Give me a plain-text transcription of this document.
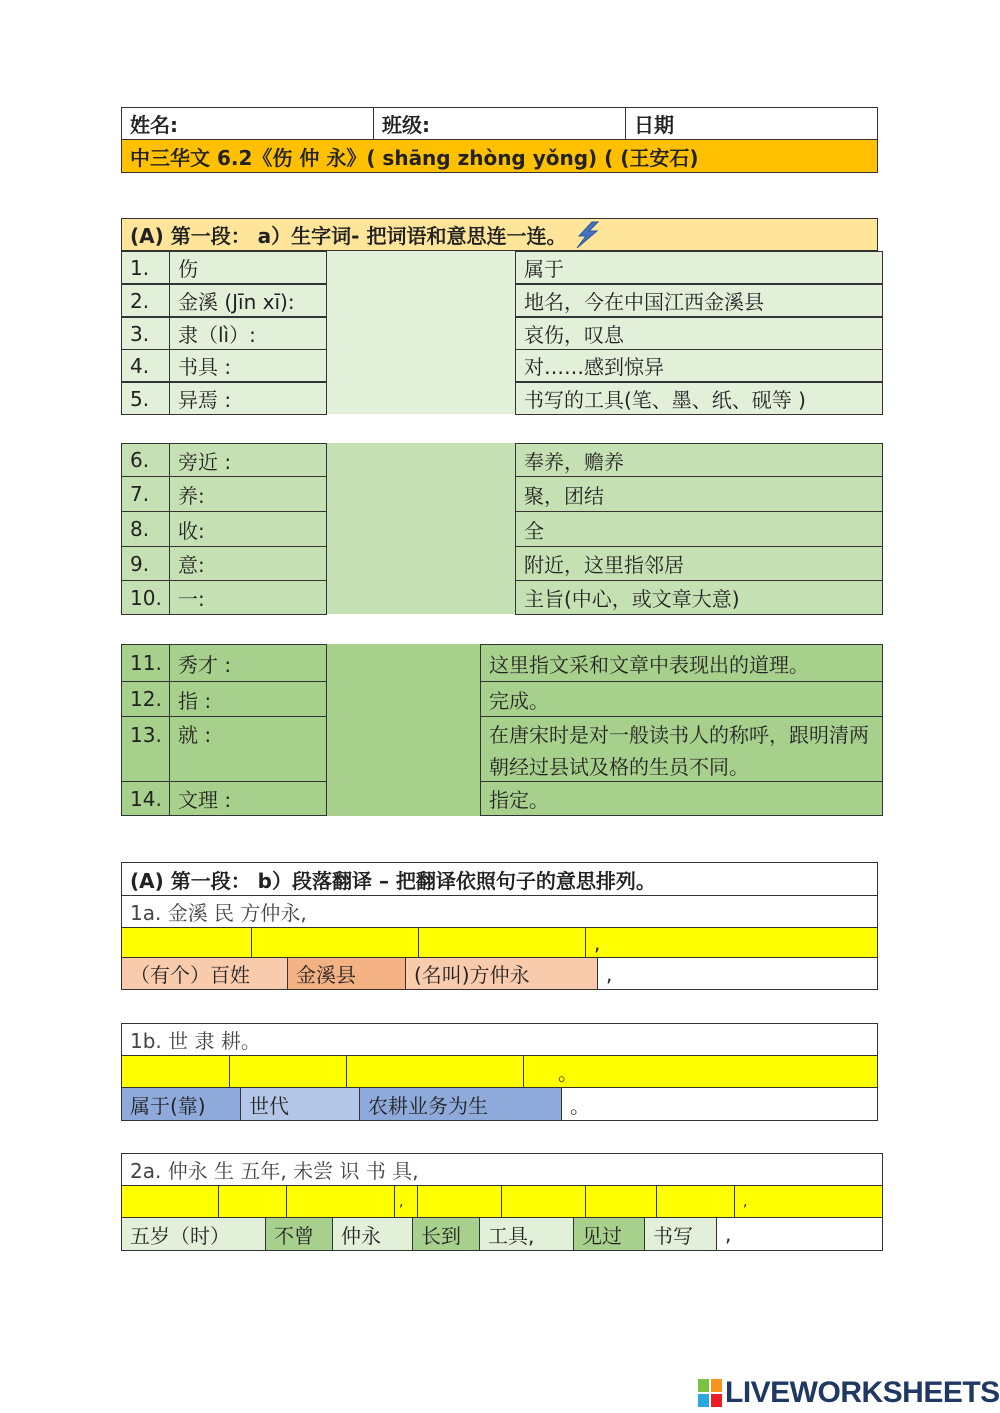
姓名:	班级:	日期
中三华文 6.2《伤 仲 永》( shāng zhòng yǒng) ( (王安石)
(A) 第一段： a）生字词- 把词语和意思连一连。
1.	伤	属于
2.	金溪 (Jīn xī):	地名，今在中国江西金溪县
3.	隶（lì）:	哀伤，叹息
4.	书具 :	对……感到惊异
5.	异焉 :	书写的工具(笔、墨、纸、砚等 )
6.	旁近 :	奉养，赡养
7.	养:	聚，团结
8.	收:	全
9.	意:	附近，这里指邻居
10. 一:	主旨(中心，或文章大意)
11. 秀才 :	这里指文采和文章中表现出的道理。
12. 指 :	完成。
13. 就 :	在唐宋时是对一般读书人的称呼，跟明清两朝经过县试及格的生员不同。
14. 文理 :	指定。
(A) 第一段： b）段落翻译 – 把翻译依照句子的意思排列。
1a. 金溪 民 方仲永,
,
（有个）百姓	金溪县	(名叫)方仲永	,
1b. 世 隶 耕。
。
属于(靠)	世代	农耕业务为生	。
2a. 仲永 生 五年, 未尝 识 书 具,
,	,
五岁（时）	不曾	仲永	长到	工具,	见过	书写	,
LIVEWORKSHEETS
